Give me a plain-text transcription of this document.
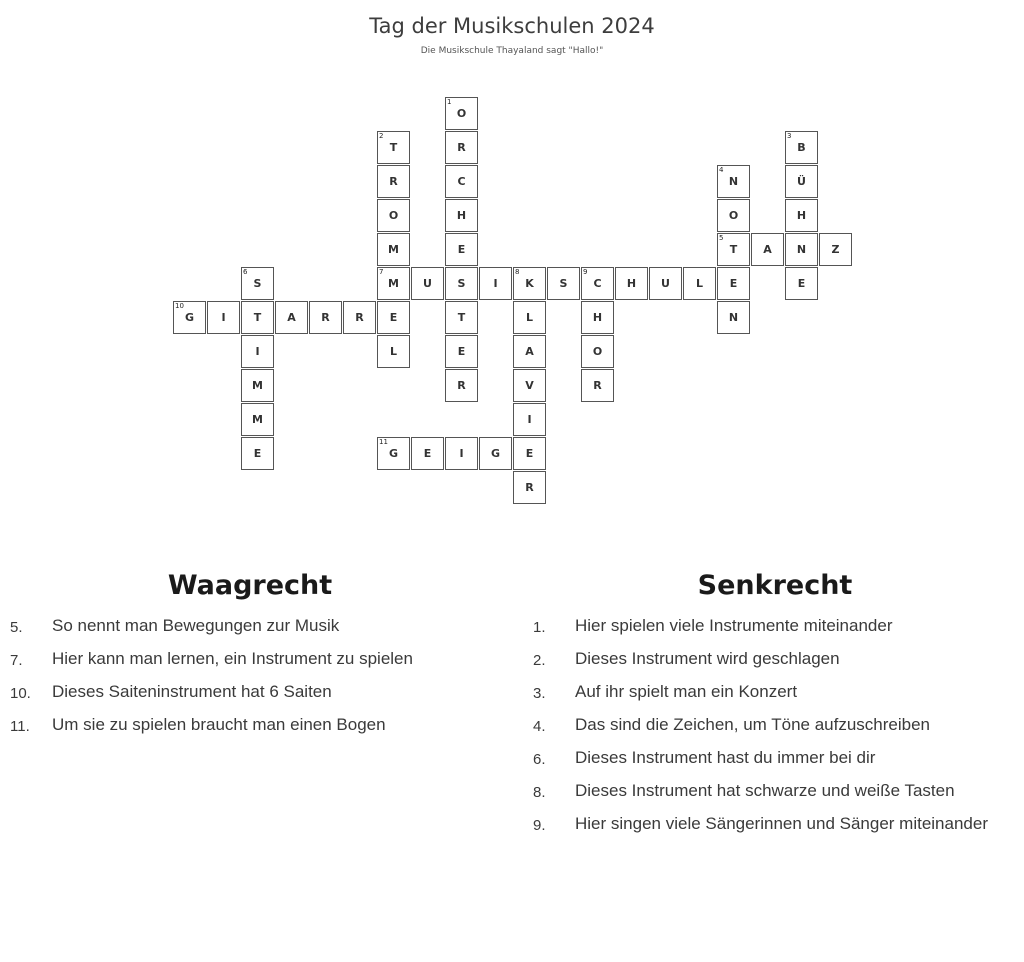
Tag der Musikschulen 2024
Die Musikschule Thayaland sagt "Hallo!"
1
O
2
T	R
3
B
R	C
4
N	Ü
O	H	O	H
M	E
5
T	A	N	Z
6
S
7
M	U	S	I
8
K	S
9
C	H	U	L	E	E
10
G	I	T	A	R	R	E	T	L	H	N
I	L	E	A	O
M	R	V	R
M	I
E
11
G	E	I	G	E
R
Waagrecht
5. So nennt man Bewegungen zur Musik
7. Hier kann man lernen, ein Instrument zu spielen
10. Dieses Saiteninstrument hat 6 Saiten
11. Um sie zu spielen braucht man einen Bogen
Senkrecht
1. Hier spielen viele Instrumente miteinander
2. Dieses Instrument wird geschlagen
3. Auf ihr spielt man ein Konzert
4. Das sind die Zeichen, um Töne aufzuschreiben
6. Dieses Instrument hast du immer bei dir
8. Dieses Instrument hat schwarze und weiße Tasten
9. Hier singen viele Sängerinnen und Sänger miteinander
